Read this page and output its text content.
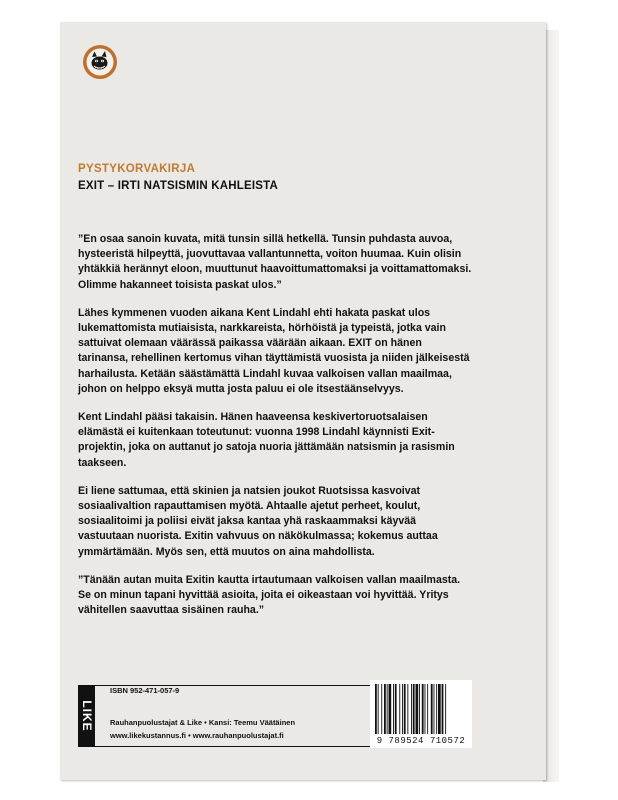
PYSTYKORVAKIRJA
EXIT – IRTI NATSISMIN KAHLEISTA

”En osaa sanoin kuvata, mitä tunsin sillä hetkellä. Tunsin puhdasta auvoa, hysteeristä hilpeyttä, juovuttavaa vallantunnetta, voiton huumaa. Kuin olisin yhtäkkiä herännyt eloon, muuttunut haavoittumattomaksi ja voittamattomaksi. Olimme hakanneet toisista paskat ulos.”

Lähes kymmenen vuoden aikana Kent Lindahl ehti hakata paskat ulos lukemattomista mutiaisista, narkkareista, hörhöistä ja typeistä, jotka vain sattuivat olemaan väärässä paikassa väärään aikaan. EXIT on hänen tarinansa, rehellinen kertomus vihan täyttämistä vuosista ja niiden jälkeisestä harhailusta. Ketään säästämättä Lindahl kuvaa valkoisen vallan maailmaa, johon on helppo eksyä mutta josta paluu ei ole itsestäänselvyys.

Kent Lindahl pääsi takaisin. Hänen haaveensa keskivertoruotsalaisen elämästä ei kuitenkaan toteutunut: vuonna 1998 Lindahl käynnisti Exit-projektin, joka on auttanut jo satoja nuoria jättämään natsismin ja rasismin taakseen.

Ei liene sattumaa, että skinien ja natsien joukot Ruotsissa kasvoivat sosiaalivaltion rapauttamisen myötä. Ahtaalle ajetut perheet, koulut, sosiaalitoimi ja poliisi eivät jaksa kantaa yhä raskaammaksi käyvää vastuutaan nuorista. Exitin vahvuus on näkökulmassa; kokemus auttaa ymmärtämään. Myös sen, että muutos on aina mahdollista.

”Tänään autan muita Exitin kautta irtautumaan valkoisen vallan maailmasta. Se on minun tapani hyvittää asioita, joita ei oikeastaan voi hyvittää. Yritys vähitellen saavuttaa sisäinen rauha.”

LIKE
ISBN 952-471-057-9
Rauhanpuolustajat & Like • Kansi: Teemu Väätäinen
www.likekustannus.fi • www.rauhanpuolustajat.fi
9 789524 710572
